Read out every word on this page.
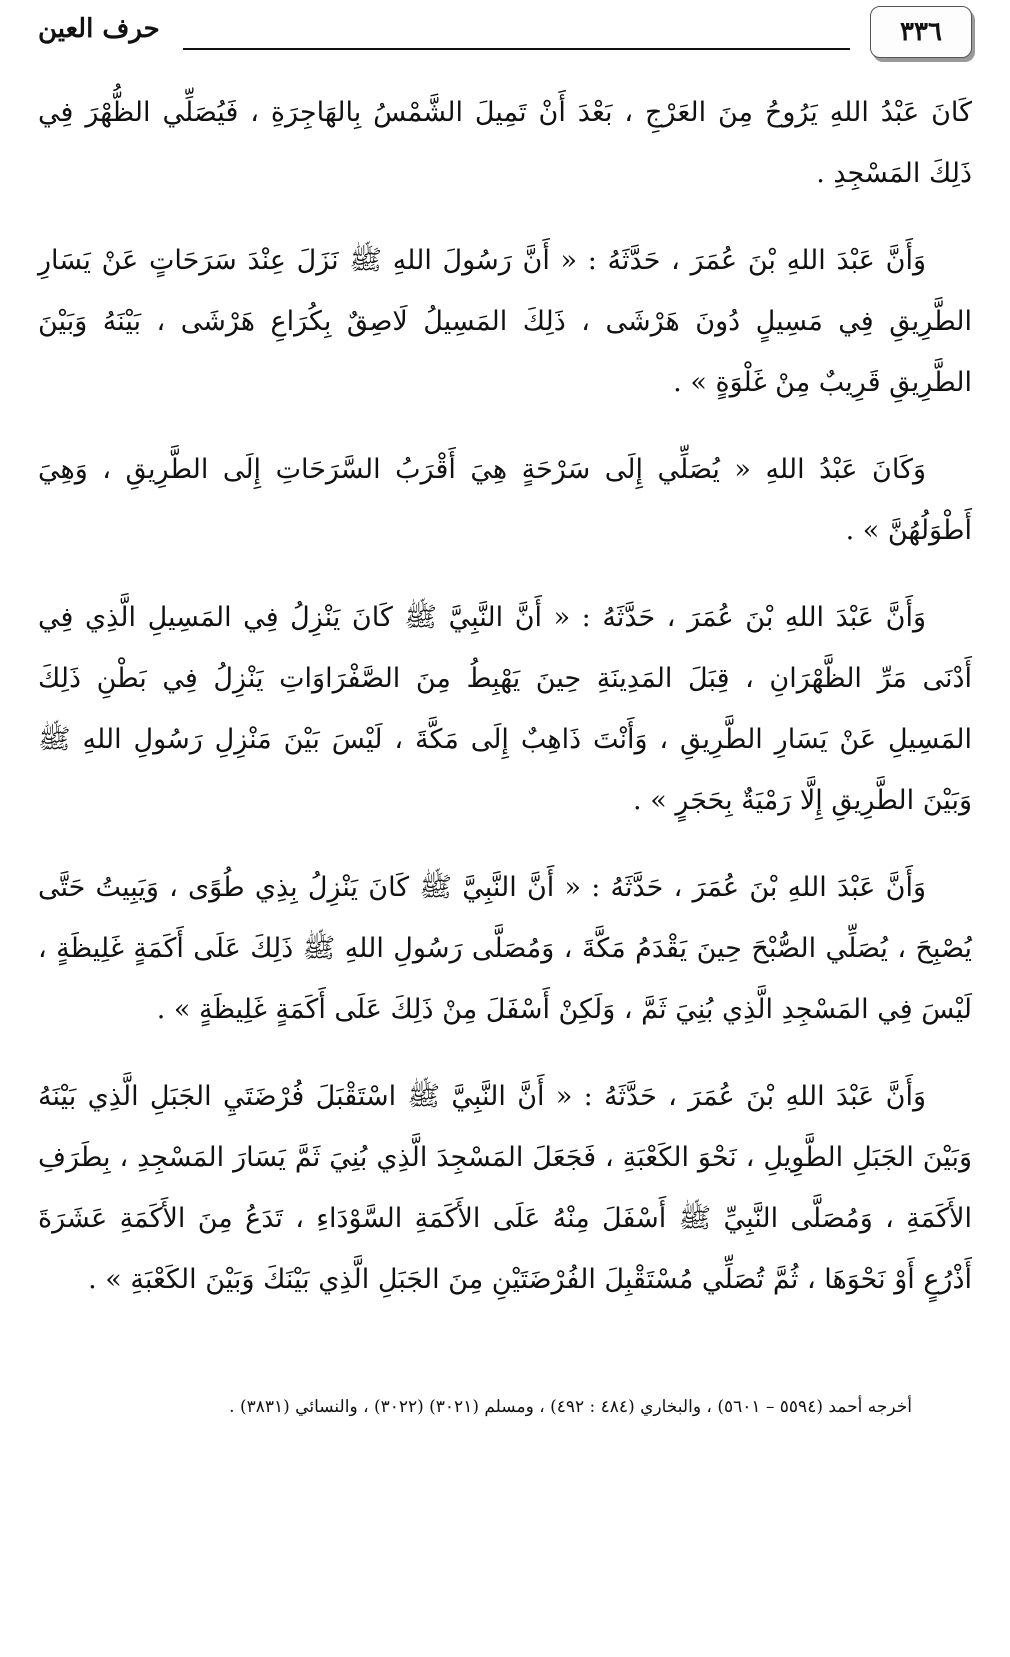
٣٣٦
حرف العين

كَانَ عَبْدُ اللهِ يَرُوحُ مِنَ العَرْجِ ، بَعْدَ أَنْ تَمِيلَ الشَّمْسُ بِالهَاجِرَةِ ، فَيُصَلِّي الظُّهْرَ فِي ذَلِكَ المَسْجِدِ .

وَأَنَّ عَبْدَ اللهِ بْنَ عُمَرَ ، حَدَّثَهُ : « أَنَّ رَسُولَ اللهِ ﷺ نَزَلَ عِنْدَ سَرَحَاتٍ عَنْ يَسَارِ الطَّرِيقِ فِي مَسِيلٍ دُونَ هَرْشَى ، ذَلِكَ المَسِيلُ لَاصِقٌ بِكُرَاعِ هَرْشَى ، بَيْنَهُ وَبَيْنَ الطَّرِيقِ قَرِيبٌ مِنْ غَلْوَةٍ » .

وَكَانَ عَبْدُ اللهِ « يُصَلِّي إِلَى سَرْحَةٍ هِيَ أَقْرَبُ السَّرَحَاتِ إِلَى الطَّرِيقِ ، وَهِيَ أَطْوَلُهُنَّ » .

وَأَنَّ عَبْدَ اللهِ بْنَ عُمَرَ ، حَدَّثَهُ : « أَنَّ النَّبِيَّ ﷺ كَانَ يَنْزِلُ فِي المَسِيلِ الَّذِي فِي أَدْنَى مَرِّ الظَّهْرَانِ ، قِبَلَ المَدِينَةِ حِينَ يَهْبِطُ مِنَ الصَّفْرَاوَاتِ يَنْزِلُ فِي بَطْنِ ذَلِكَ المَسِيلِ عَنْ يَسَارِ الطَّرِيقِ ، وَأَنْتَ ذَاهِبٌ إِلَى مَكَّةَ ، لَيْسَ بَيْنَ مَنْزِلِ رَسُولِ اللهِ ﷺ وَبَيْنَ الطَّرِيقِ إِلَّا رَمْيَةٌ بِحَجَرٍ » .

وَأَنَّ عَبْدَ اللهِ بْنَ عُمَرَ ، حَدَّثَهُ : « أَنَّ النَّبِيَّ ﷺ كَانَ يَنْزِلُ بِذِي طُوًى ، وَيَبِيتُ حَتَّى يُصْبِحَ ، يُصَلِّي الصُّبْحَ حِينَ يَقْدَمُ مَكَّةَ ، وَمُصَلَّى رَسُولِ اللهِ ﷺ ذَلِكَ عَلَى أَكَمَةٍ غَلِيظَةٍ ، لَيْسَ فِي المَسْجِدِ الَّذِي بُنِيَ ثَمَّ ، وَلَكِنْ أَسْفَلَ مِنْ ذَلِكَ عَلَى أَكَمَةٍ غَلِيظَةٍ » .

وَأَنَّ عَبْدَ اللهِ بْنَ عُمَرَ ، حَدَّثَهُ : « أَنَّ النَّبِيَّ ﷺ اسْتَقْبَلَ فُرْضَتَيِ الجَبَلِ الَّذِي بَيْنَهُ وَبَيْنَ الجَبَلِ الطَّوِيلِ ، نَحْوَ الكَعْبَةِ ، فَجَعَلَ المَسْجِدَ الَّذِي بُنِيَ ثَمَّ يَسَارَ المَسْجِدِ ، بِطَرَفِ الأَكَمَةِ ، وَمُصَلَّى النَّبِيِّ ﷺ أَسْفَلَ مِنْهُ عَلَى الأَكَمَةِ السَّوْدَاءِ ، تَدَعُ مِنَ الأَكَمَةِ عَشَرَةَ أَذْرُعٍ أَوْ نَحْوَهَا ، ثُمَّ تُصَلِّي مُسْتَقْبِلَ الفُرْضَتَيْنِ مِنَ الجَبَلِ الَّذِي بَيْنَكَ وَبَيْنَ الكَعْبَةِ » .

أخرجه أحمد (٥٥٩٤ – ٥٦٠١) ، والبخاري (٤٨٤ : ٤٩٢) ، ومسلم (٣٠٢١) (٣٠٢٢) ، والنسائي (٣٨٣١) .
